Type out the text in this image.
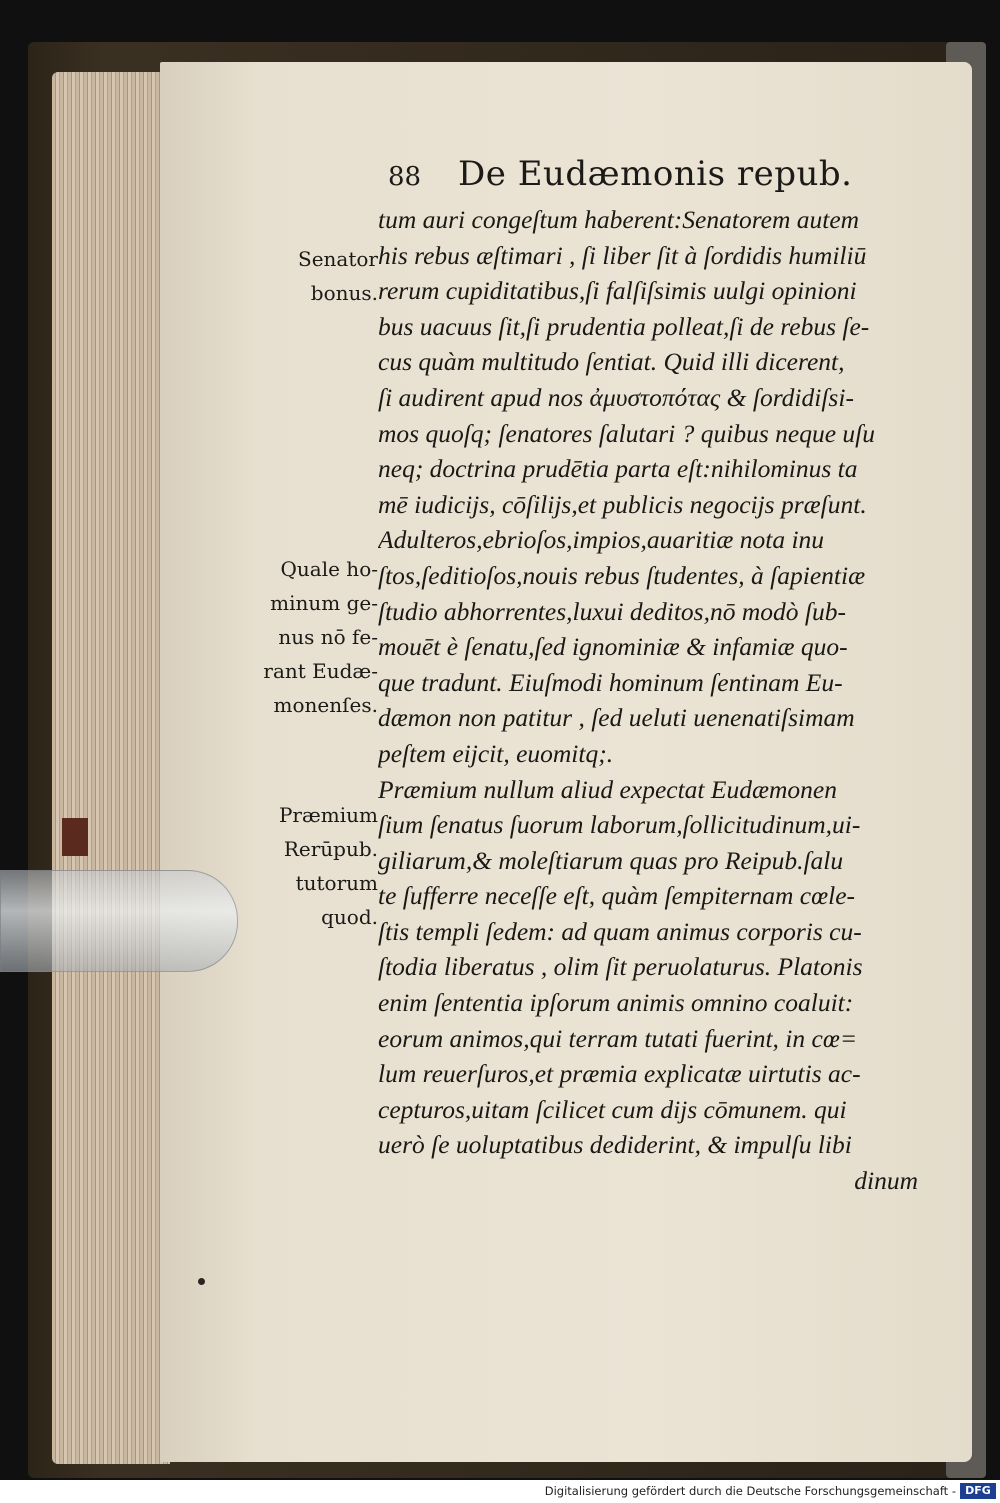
88	De Eudæmonis repub.
Senator
bonus.
Quale ho-
minum ge-
nus nō fe-
rant Eudæ-
monenſes.
Præmium
Rerūpub.
tutorum
quod.
tum auri congeſtum haberent:Senatorem autem
his rebus æſtimari , ſi liber ſit à ſordidis humiliū
rerum cupiditatibus,ſi falſiſsimis uulgi opinioni
bus uacuus ſit,ſi prudentia polleat,ſi de rebus ſe-
cus quàm multitudo ſentiat. Quid illi dicerent,
ſi audirent apud nos ἀμυστοπότας & ſordidiſsi-
mos quoſq; ſenatores ſalutari ? quibus neque uſu
neq; doctrina prudētia parta eſt:nihilominus ta
mē iudicijs, cōſilijs,et publicis negocijs præſunt.
Adulteros,ebrioſos,impios,auaritiæ nota inu
ſtos,ſeditioſos,nouis rebus ſtudentes, à ſapientiæ
ſtudio abhorrentes,luxui deditos,nō modò ſub-
mouēt è ſenatu,ſed ignominiæ & infamiæ quo-
que tradunt. Eiuſmodi hominum ſentinam Eu-
dæmon non patitur , ſed ueluti uenenatiſsimam
peſtem eijcit, euomitq;.
Præmium nullum aliud expectat Eudæmonen
ſium ſenatus ſuorum laborum,ſollicitudinum,ui-
giliarum,& moleſtiarum quas pro Reipub.ſalu
te ſufferre neceſſe eſt, quàm ſempiternam cœle-
ſtis templi ſedem: ad quam animus corporis cu-
ſtodia liberatus , olim ſit peruolaturus. Platonis
enim ſententia ipſorum animis omnino coaluit:
eorum animos,qui terram tutati fuerint, in cœ=
lum reuerſuros,et præmia explicatæ uirtutis ac-
cepturos,uitam ſcilicet cum dijs cōmunem. qui
uerò ſe uoluptatibus dediderint, & impulſu libi
dinum
Digitalisierung gefördert durch die Deutsche Forschungsgemeinschaft - DFG
